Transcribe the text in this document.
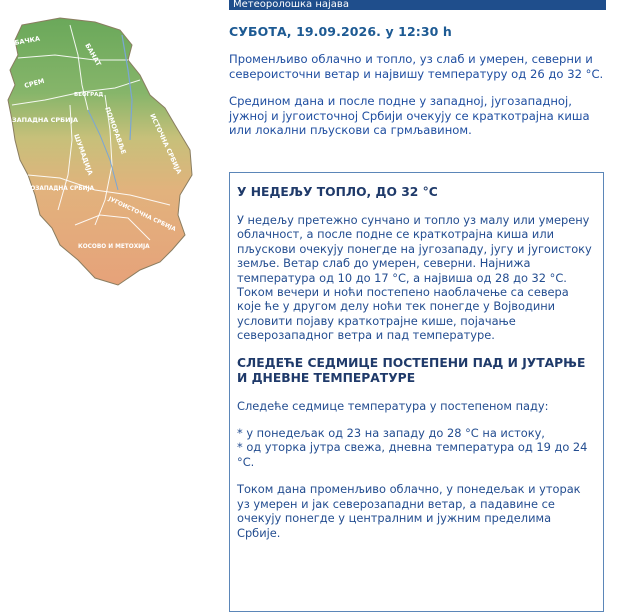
БАЧКА
БАНАТ
СРЕМ
БЕОГРАД
ЗАПАДНА СРБИЈА
ШУМАДИЈА ПОМОРАВЉЕ	ИСТОЧНА СРБИЈА
ЈУГОЗАПАДНА СРБИЈА
ЈУГОИСТОЧНА СРБИЈА
КОСОВО И МЕТОХИЈА
Метеоролошка најава
СУБОТА, 19.09.2026. у 12:30 h

Променљиво облачно и топло, уз слаб и умерен, северни и североисточни ветар и највишу температуру од 26 до 32 °C.

Средином дана и после подне у западној, југозападној, јужној и југоисточној Србији очекују се краткотрајна киша или локални пљускови са грмљавином.

У НЕДЕЉУ ТОПЛО, ДО 32 °C

У недељу претежно сунчано и топло уз малу или умерену облачност, а после подне се краткотрајна киша или пљускови очекују понегде на југозападу, југу и југоистоку земље. Ветар слаб до умерен, северни. Најнижа температура од 10 до 17 °C, а највиша од 28 до 32 °C.

Током вечери и ноћи постепено наоблачење са севера које ће у другом делу ноћи тек понегде у Војводини условити појаву краткотрајне кише, појачање северозападног ветра и пад температуре.

СЛЕДЕЋЕ СЕДМИЦЕ ПОСТЕПЕНИ ПАД И ЈУТАРЊЕ И ДНЕВНЕ ТЕМПЕРАТУРЕ

Следеће седмице температура у постепеном паду:

* у понедељак од 23 на западу до 28 °C на истоку,

* од уторка јутра свежа, дневна температура од 19 до 24 °C.

Током дана променљиво облачно, у понедељак и уторак уз умерен и јак северозападни ветар, а падавине се очекују понегде у централним и јужним пределима Србије.
